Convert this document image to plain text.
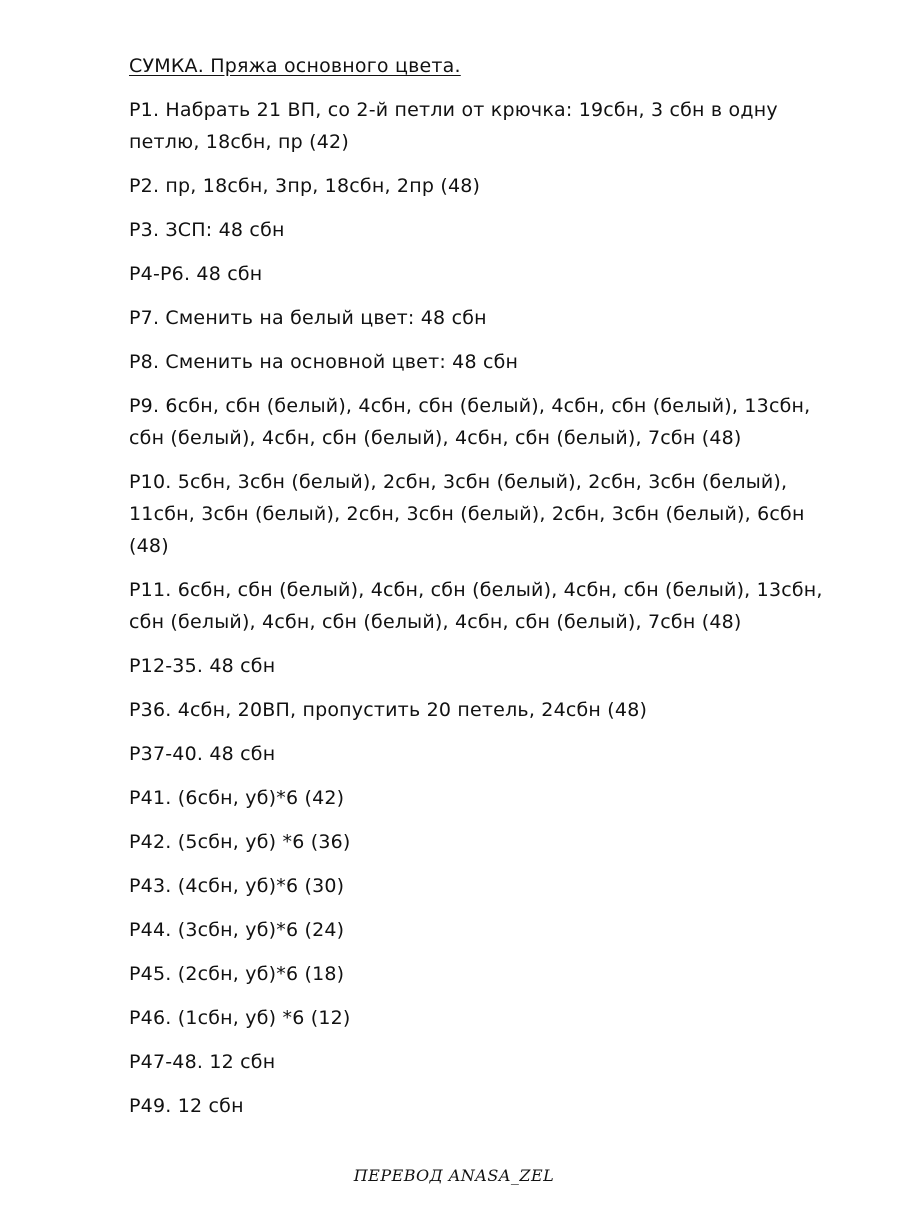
СУМКА. Пряжа основного цвета.
Р1. Набрать 21 ВП, со 2-й петли от крючка: 19сбн, 3 сбн в одну петлю, 18сбн, пр (42)
Р2. пр, 18сбн, 3пр, 18сбн, 2пр (48)
Р3. ЗСП: 48 сбн
Р4-Р6. 48 сбн
Р7. Сменить на белый цвет: 48 сбн
Р8. Сменить на основной цвет: 48 сбн
Р9. 6сбн, сбн (белый), 4сбн, сбн (белый), 4сбн, сбн (белый), 13сбн, сбн (белый), 4сбн, сбн (белый), 4сбн, сбн (белый), 7сбн (48)
Р10. 5сбн, 3сбн (белый), 2сбн, 3сбн (белый), 2сбн, 3сбн (белый), 11сбн, 3сбн (белый), 2сбн, 3сбн (белый), 2сбн, 3сбн (белый), 6сбн (48)
Р11. 6сбн, сбн (белый), 4сбн, сбн (белый), 4сбн, сбн (белый), 13сбн, сбн (белый), 4сбн, сбн (белый), 4сбн, сбн (белый), 7сбн (48)
Р12-35. 48 сбн
Р36. 4сбн, 20ВП, пропустить 20 петель, 24сбн (48)
Р37-40. 48 сбн
Р41. (6сбн, уб)*6 (42)
Р42. (5сбн, уб) *6 (36)
Р43. (4сбн, уб)*6 (30)
Р44. (3сбн, уб)*6 (24)
Р45. (2сбн, уб)*6 (18)
Р46. (1сбн, уб) *6 (12)
Р47-48. 12 сбн
Р49. 12 сбн
ПЕРЕВОД ANASA_ZEL
